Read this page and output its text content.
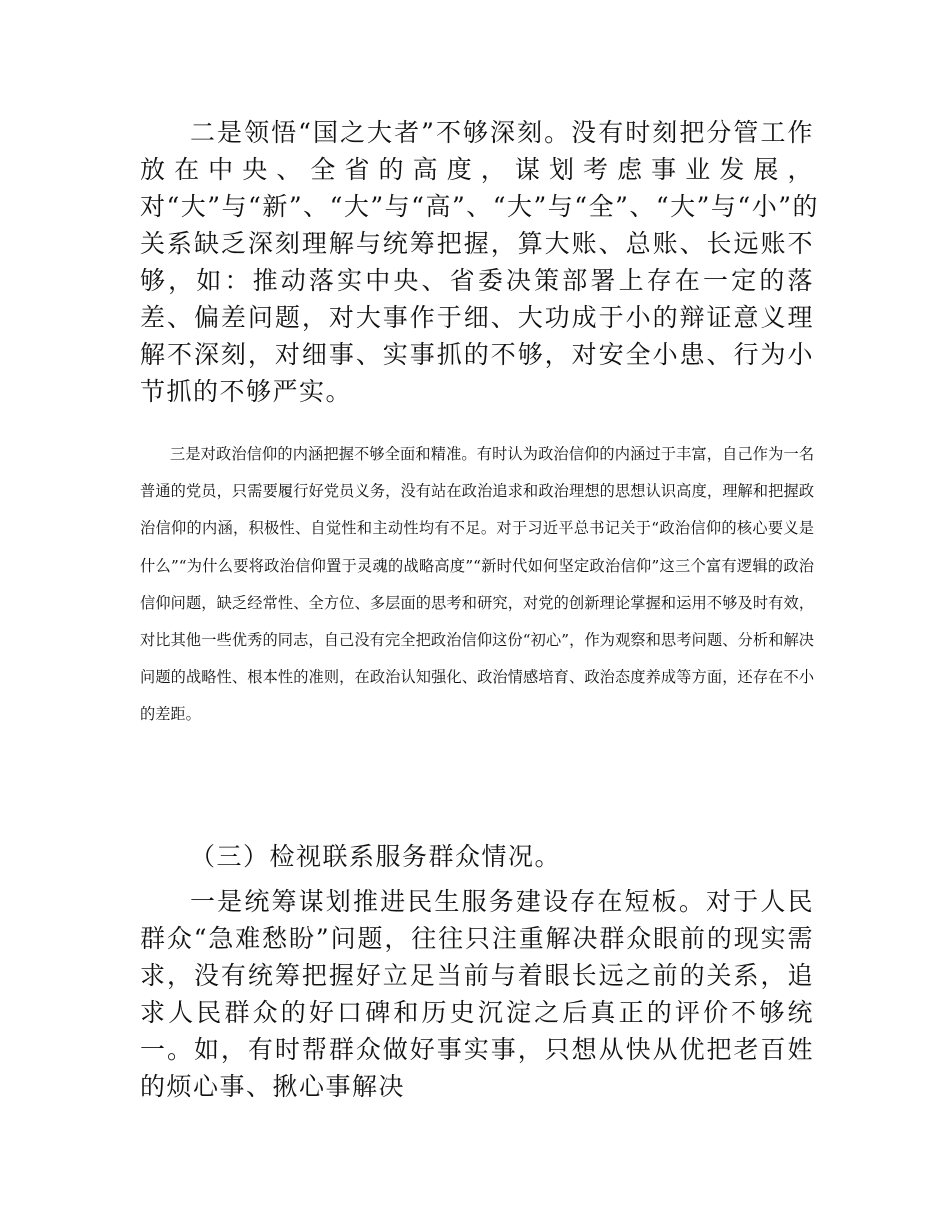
二是领悟“国之大者”不够深刻。没有时刻把分管工作放在中央、全省的高度，谋划考虑事业发展，对“大”与“新”、“大”与“高”、“大”与“全”、“大”与“小”的关系缺乏深刻理解与统筹把握，算大账、总账、长远账不够，如：推动落实中央、省委决策部署上存在一定的落差、偏差问题，对大事作于细、大功成于小的辩证意义理解不深刻，对细事、实事抓的不够，对安全小患、行为小节抓的不够严实。

三是对政治信仰的内涵把握不够全面和精准。有时认为政治信仰的内涵过于丰富，自己作为一名普通的党员，只需要履行好党员义务，没有站在政治追求和政治理想的思想认识高度，理解和把握政治信仰的内涵，积极性、自觉性和主动性均有不足。对于习近平总书记关于“政治信仰的核心要义是什么”“为什么要将政治信仰置于灵魂的战略高度”“新时代如何坚定政治信仰”这三个富有逻辑的政治信仰问题，缺乏经常性、全方位、多层面的思考和研究，对党的创新理论掌握和运用不够及时有效，对比其他一些优秀的同志，自己没有完全把政治信仰这份“初心”，作为观察和思考问题、分析和解决问题的战略性、根本性的准则，在政治认知强化、政治情感培育、政治态度养成等方面，还存在不小的差距。

（三）检视联系服务群众情况。

一是统筹谋划推进民生服务建设存在短板。对于人民群众“急难愁盼”问题，往往只注重解决群众眼前的现实需求，没有统筹把握好立足当前与着眼长远之前的关系，追求人民群众的好口碑和历史沉淀之后真正的评价不够统一。如，有时帮群众做好事实事，只想从快从优把老百姓的烦心事、揪心事解决
